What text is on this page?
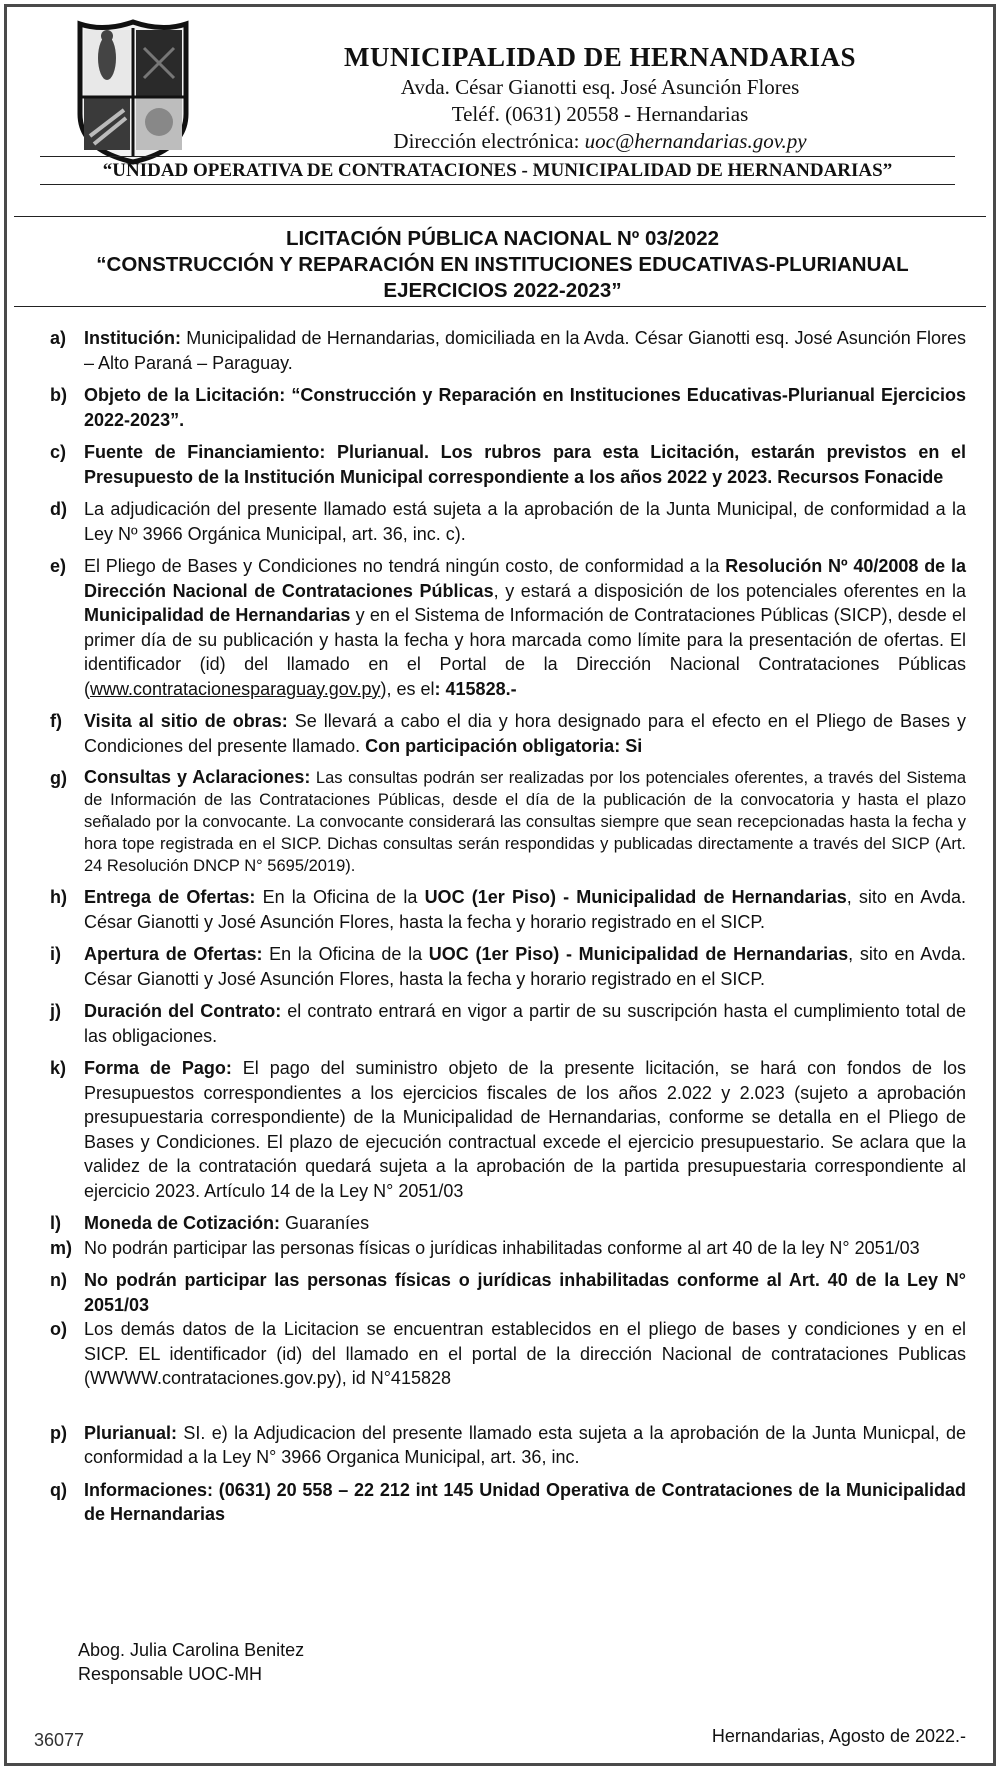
MUNICIPALIDAD DE HERNANDARIAS
Avda. César Gianotti esq. José Asunción Flores
Teléf. (0631) 20558 - Hernandarias
Dirección electrónica: uoc@hernandarias.gov.py
“UNIDAD OPERATIVA DE CONTRATACIONES - MUNICIPALIDAD DE HERNANDARIAS”
LICITACIÓN PÚBLICA NACIONAL Nº 03/2022
“CONSTRUCCIÓN Y REPARACIÓN EN INSTITUCIONES EDUCATIVAS-PLURIANUAL
EJERCICIOS 2022-2023”
a) Institución: Municipalidad de Hernandarias, domiciliada en la Avda. César Gianotti esq. José Asunción Flores – Alto Paraná – Paraguay.
b) Objeto de la Licitación: “Construcción y Reparación en Instituciones Educativas-Plurianual Ejercicios 2022-2023”.
c) Fuente de Financiamiento: Plurianual. Los rubros para esta Licitación, estarán previstos en el Presupuesto de la Institución Municipal correspondiente a los años 2022 y 2023. Recursos Fonacide
d) La adjudicación del presente llamado está sujeta a la aprobación de la Junta Municipal, de conformidad a la Ley Nº 3966 Orgánica Municipal, art. 36, inc. c).
e) El Pliego de Bases y Condiciones no tendrá ningún costo, de conformidad a la Resolución Nº 40/2008 de la Dirección Nacional de Contrataciones Públicas, y estará a disposición de los potenciales oferentes en la Municipalidad de Hernandarias y en el Sistema de Información de Contrataciones Públicas (SICP), desde el primer día de su publicación y hasta la fecha y hora marcada como límite para la presentación de ofertas. El identificador (id) del llamado en el Portal de la Dirección Nacional Contrataciones Públicas (www.contratacionesparaguay.gov.py), es el: 415828.-
f)	Visita al sitio de obras: Se llevará a cabo el dia y hora designado para el efecto en el Pliego de Bases y Condiciones del presente llamado. Con participación obligatoria: Si
g) Consultas y Aclaraciones: Las consultas podrán ser realizadas por los potenciales oferentes, a través del Sistema de Información de las Contrataciones Públicas, desde el día de la publicación de la convocatoria y hasta el plazo señalado por la convocante. La convocante considerará las consultas siempre que sean recepcionadas hasta la fecha y hora tope registrada en el SICP. Dichas consultas serán respondidas y publicadas directamente a través del SICP (Art. 24 Resolución DNCP N° 5695/2019).
h) Entrega de Ofertas: En la Oficina de la UOC (1er Piso) - Municipalidad de Hernandarias, sito en Avda. César Gianotti y José Asunción Flores, hasta la fecha y horario registrado en el SICP.
i)	Apertura de Ofertas: En la Oficina de la UOC (1er Piso) - Municipalidad de Hernandarias, sito en Avda. César Gianotti y José Asunción Flores, hasta la fecha y horario registrado en el SICP.
j)	Duración del Contrato: el contrato entrará en vigor a partir de su suscripción hasta el cumplimiento total de las obligaciones.
k) Forma de Pago: El pago del suministro objeto de la presente licitación, se hará con fondos de los Presupuestos correspondientes a los ejercicios fiscales de los años 2.022 y 2.023 (sujeto a aprobación presupuestaria correspondiente) de la Municipalidad de Hernandarias, conforme se detalla en el Pliego de Bases y Condiciones. El plazo de ejecución contractual excede el ejercicio presupuestario. Se aclara que la validez de la contratación quedará sujeta a la aprobación de la partida presupuestaria correspondiente al ejercicio 2023. Artículo 14 de la Ley N° 2051/03
l)	Moneda de Cotización: Guaraníes
m) No podrán participar las personas físicas o jurídicas inhabilitadas conforme al art 40 de la ley N° 2051/03
n) No podrán participar las personas físicas o jurídicas inhabilitadas conforme al Art. 40 de la Ley N° 2051/03
o) Los demás datos de la Licitacion se encuentran establecidos en el pliego de bases y condiciones y en el SICP. EL identificador (id) del llamado en el portal de la dirección Nacional de contrataciones Publicas (WWWW.contrataciones.gov.py), id N°415828
p) Plurianual: SI. e) la Adjudicacion del presente llamado esta sujeta a la aprobación de la Junta Municpal, de conformidad a la Ley N° 3966 Organica Municipal, art. 36, inc.
q) Informaciones: (0631) 20 558 – 22 212 int 145 Unidad Operativa de Contrataciones de la Municipalidad de Hernandarias
Abog. Julia Carolina Benitez
Responsable UOC-MH
36077	Hernandarias, Agosto de 2022.-
